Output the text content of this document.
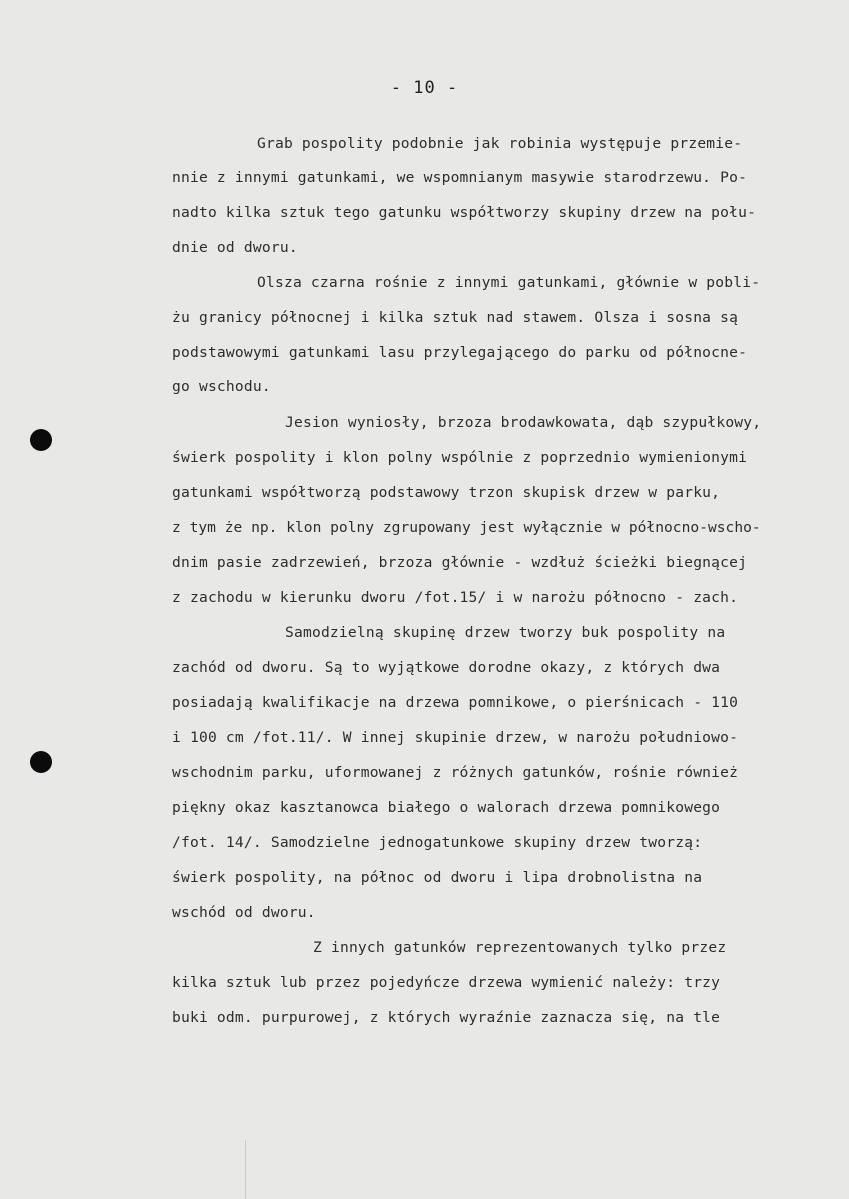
- 10 -
Grab pospolity podobnie jak robinia występuje przemie-
nnie z innymi gatunkami, we wspomnianym masywie starodrzewu. Po-
nadto kilka sztuk tego gatunku współtworzy skupiny drzew na połu-
dnie od dworu.
Olsza czarna rośnie z innymi gatunkami, głównie w pobli-
żu granicy północnej i kilka sztuk nad stawem. Olsza i sosna są
podstawowymi gatunkami lasu przylegającego do parku od północne-
go wschodu.
Jesion wyniosły, brzoza brodawkowata, dąb szypułkowy,
świerk pospolity i klon polny wspólnie z poprzednio wymienionymi
gatunkami współtworzą podstawowy trzon skupisk drzew w parku,
z tym że np. klon polny zgrupowany jest wyłącznie w północno-wscho-
dnim pasie zadrzewień, brzoza głównie - wzdłuż ścieżki biegnącej
z zachodu w kierunku dworu /fot.15/ i w narożu północno - zach.
Samodzielną skupinę drzew tworzy buk pospolity na
zachód od dworu. Są to wyjątkowe dorodne okazy, z których dwa
posiadają kwalifikacje na drzewa pomnikowe, o pierśnicach - 110
i 100 cm /fot.11/. W innej skupinie drzew, w narożu południowo-
wschodnim parku, uformowanej z różnych gatunków, rośnie również
piękny okaz kasztanowca białego o walorach drzewa pomnikowego
/fot. 14/. Samodzielne jednogatunkowe skupiny drzew tworzą:
świerk pospolity, na północ od dworu i lipa drobnolistna na
wschód od dworu.
Z innych gatunków reprezentowanych tylko przez
kilka sztuk lub przez pojedyńcze drzewa wymienić należy: trzy
buki odm. purpurowej, z których wyraźnie zaznacza się, na tle
